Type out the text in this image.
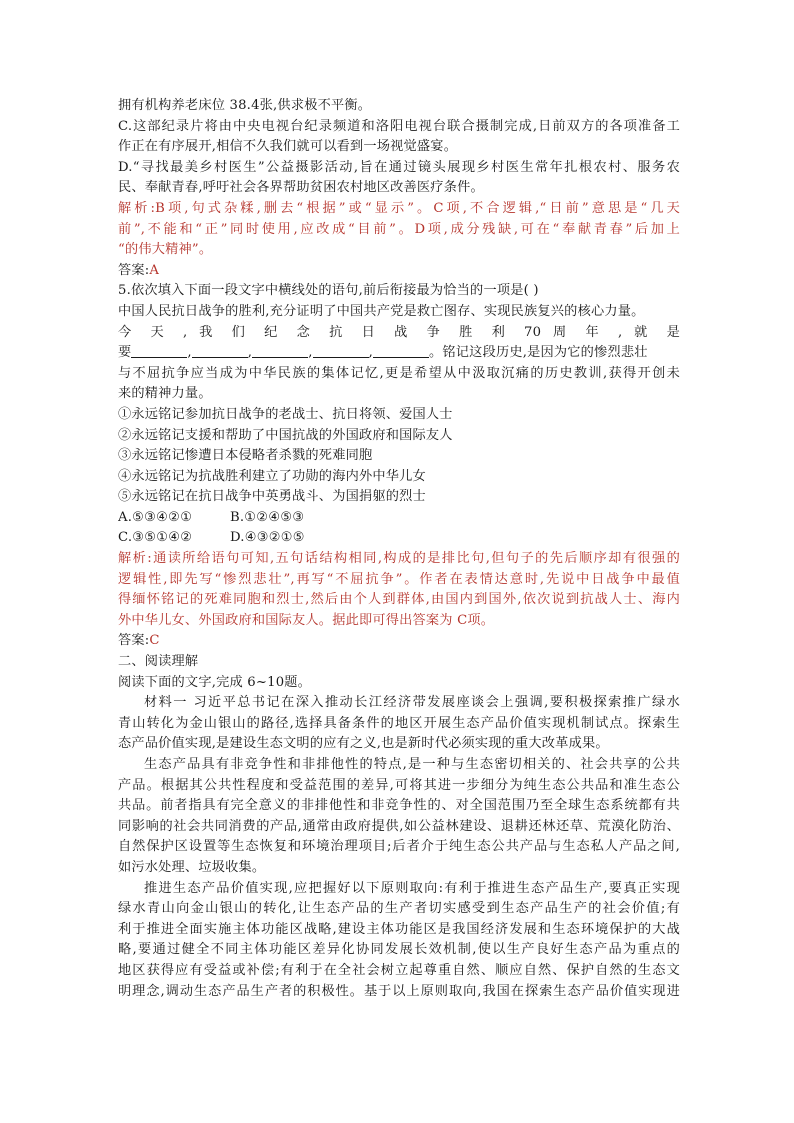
拥有机构养老床位 38.4张,供求极不平衡。
C.这部纪录片将由中央电视台纪录频道和洛阳电视台联合摄制完成,日前双方的各项准备工
作正在有序展开,相信不久我们就可以看到一场视觉盛宴。
D.“寻找最美乡村医生”公益摄影活动,旨在通过镜头展现乡村医生常年扎根农村、服务农
民、奉献青春,呼吁社会各界帮助贫困农村地区改善医疗条件。
解析:B项,句式杂糅,删去“根据”或“显示”。C项,不合逻辑,“日前”意思是“几天
前”,不能和“正”同时使用,应改成“目前”。D项,成分残缺,可在“奉献青春”后加上
“的伟大精神”。
答案:A
5.依次填入下面一段文字中横线处的语句,前后衔接最为恰当的一项是( )
中国人民抗日战争的胜利,充分证明了中国共产党是救亡图存、实现民族复兴的核心力量。
今 天 , 我 们 纪 念 抗 日 战 争 胜 利 70 周 年 , 就 是
要	,	,	,	,	。铭记这段历史,是因为它的惨烈悲壮
与不屈抗争应当成为中华民族的集体记忆,更是希望从中汲取沉痛的历史教训,获得开创未
来的精神力量。
①永远铭记参加抗日战争的老战士、抗日将领、爱国人士
②永远铭记支援和帮助了中国抗战的外国政府和国际友人
③永远铭记惨遭日本侵略者杀戮的死难同胞
④永远铭记为抗战胜利建立了功勋的海内外中华儿女
⑤永远铭记在抗日战争中英勇战斗、为国捐躯的烈士
A.⑤③④②①	B.①②④⑤③
C.③⑤①④②	D.④③②①⑤
解析:通读所给语句可知,五句话结构相同,构成的是排比句,但句子的先后顺序却有很强的
逻辑性,即先写“惨烈悲壮”,再写“不屈抗争”。作者在表情达意时,先说中日战争中最值
得缅怀铭记的死难同胞和烈士,然后由个人到群体,由国内到国外,依次说到抗战人士、海内
外中华儿女、外国政府和国际友人。据此即可得出答案为 C项。
答案:C
二、阅读理解
阅读下面的文字,完成 6~10题。
材料一 习近平总书记在深入推动长江经济带发展座谈会上强调,要积极探索推广绿水
青山转化为金山银山的路径,选择具备条件的地区开展生态产品价值实现机制试点。探索生
态产品价值实现,是建设生态文明的应有之义,也是新时代必须实现的重大改革成果。
生态产品具有非竞争性和非排他性的特点,是一种与生态密切相关的、社会共享的公共
产品。根据其公共性程度和受益范围的差异,可将其进一步细分为纯生态公共品和准生态公
共品。前者指具有完全意义的非排他性和非竞争性的、对全国范围乃至全球生态系统都有共
同影响的社会共同消费的产品,通常由政府提供,如公益林建设、退耕还林还草、荒漠化防治、
自然保护区设置等生态恢复和环境治理项目;后者介于纯生态公共产品与生态私人产品之间,
如污水处理、垃圾收集。
推进生态产品价值实现,应把握好以下原则取向:有利于推进生态产品生产,要真正实现
绿水青山向金山银山的转化,让生态产品的生产者切实感受到生态产品生产的社会价值;有
利于推进全面实施主体功能区战略,建设主体功能区是我国经济发展和生态环境保护的大战
略,要通过健全不同主体功能区差异化协同发展长效机制,使以生产良好生态产品为重点的
地区获得应有受益或补偿;有利于在全社会树立起尊重自然、顺应自然、保护自然的生态文
明理念,调动生态产品生产者的积极性。基于以上原则取向,我国在探索生态产品价值实现进
